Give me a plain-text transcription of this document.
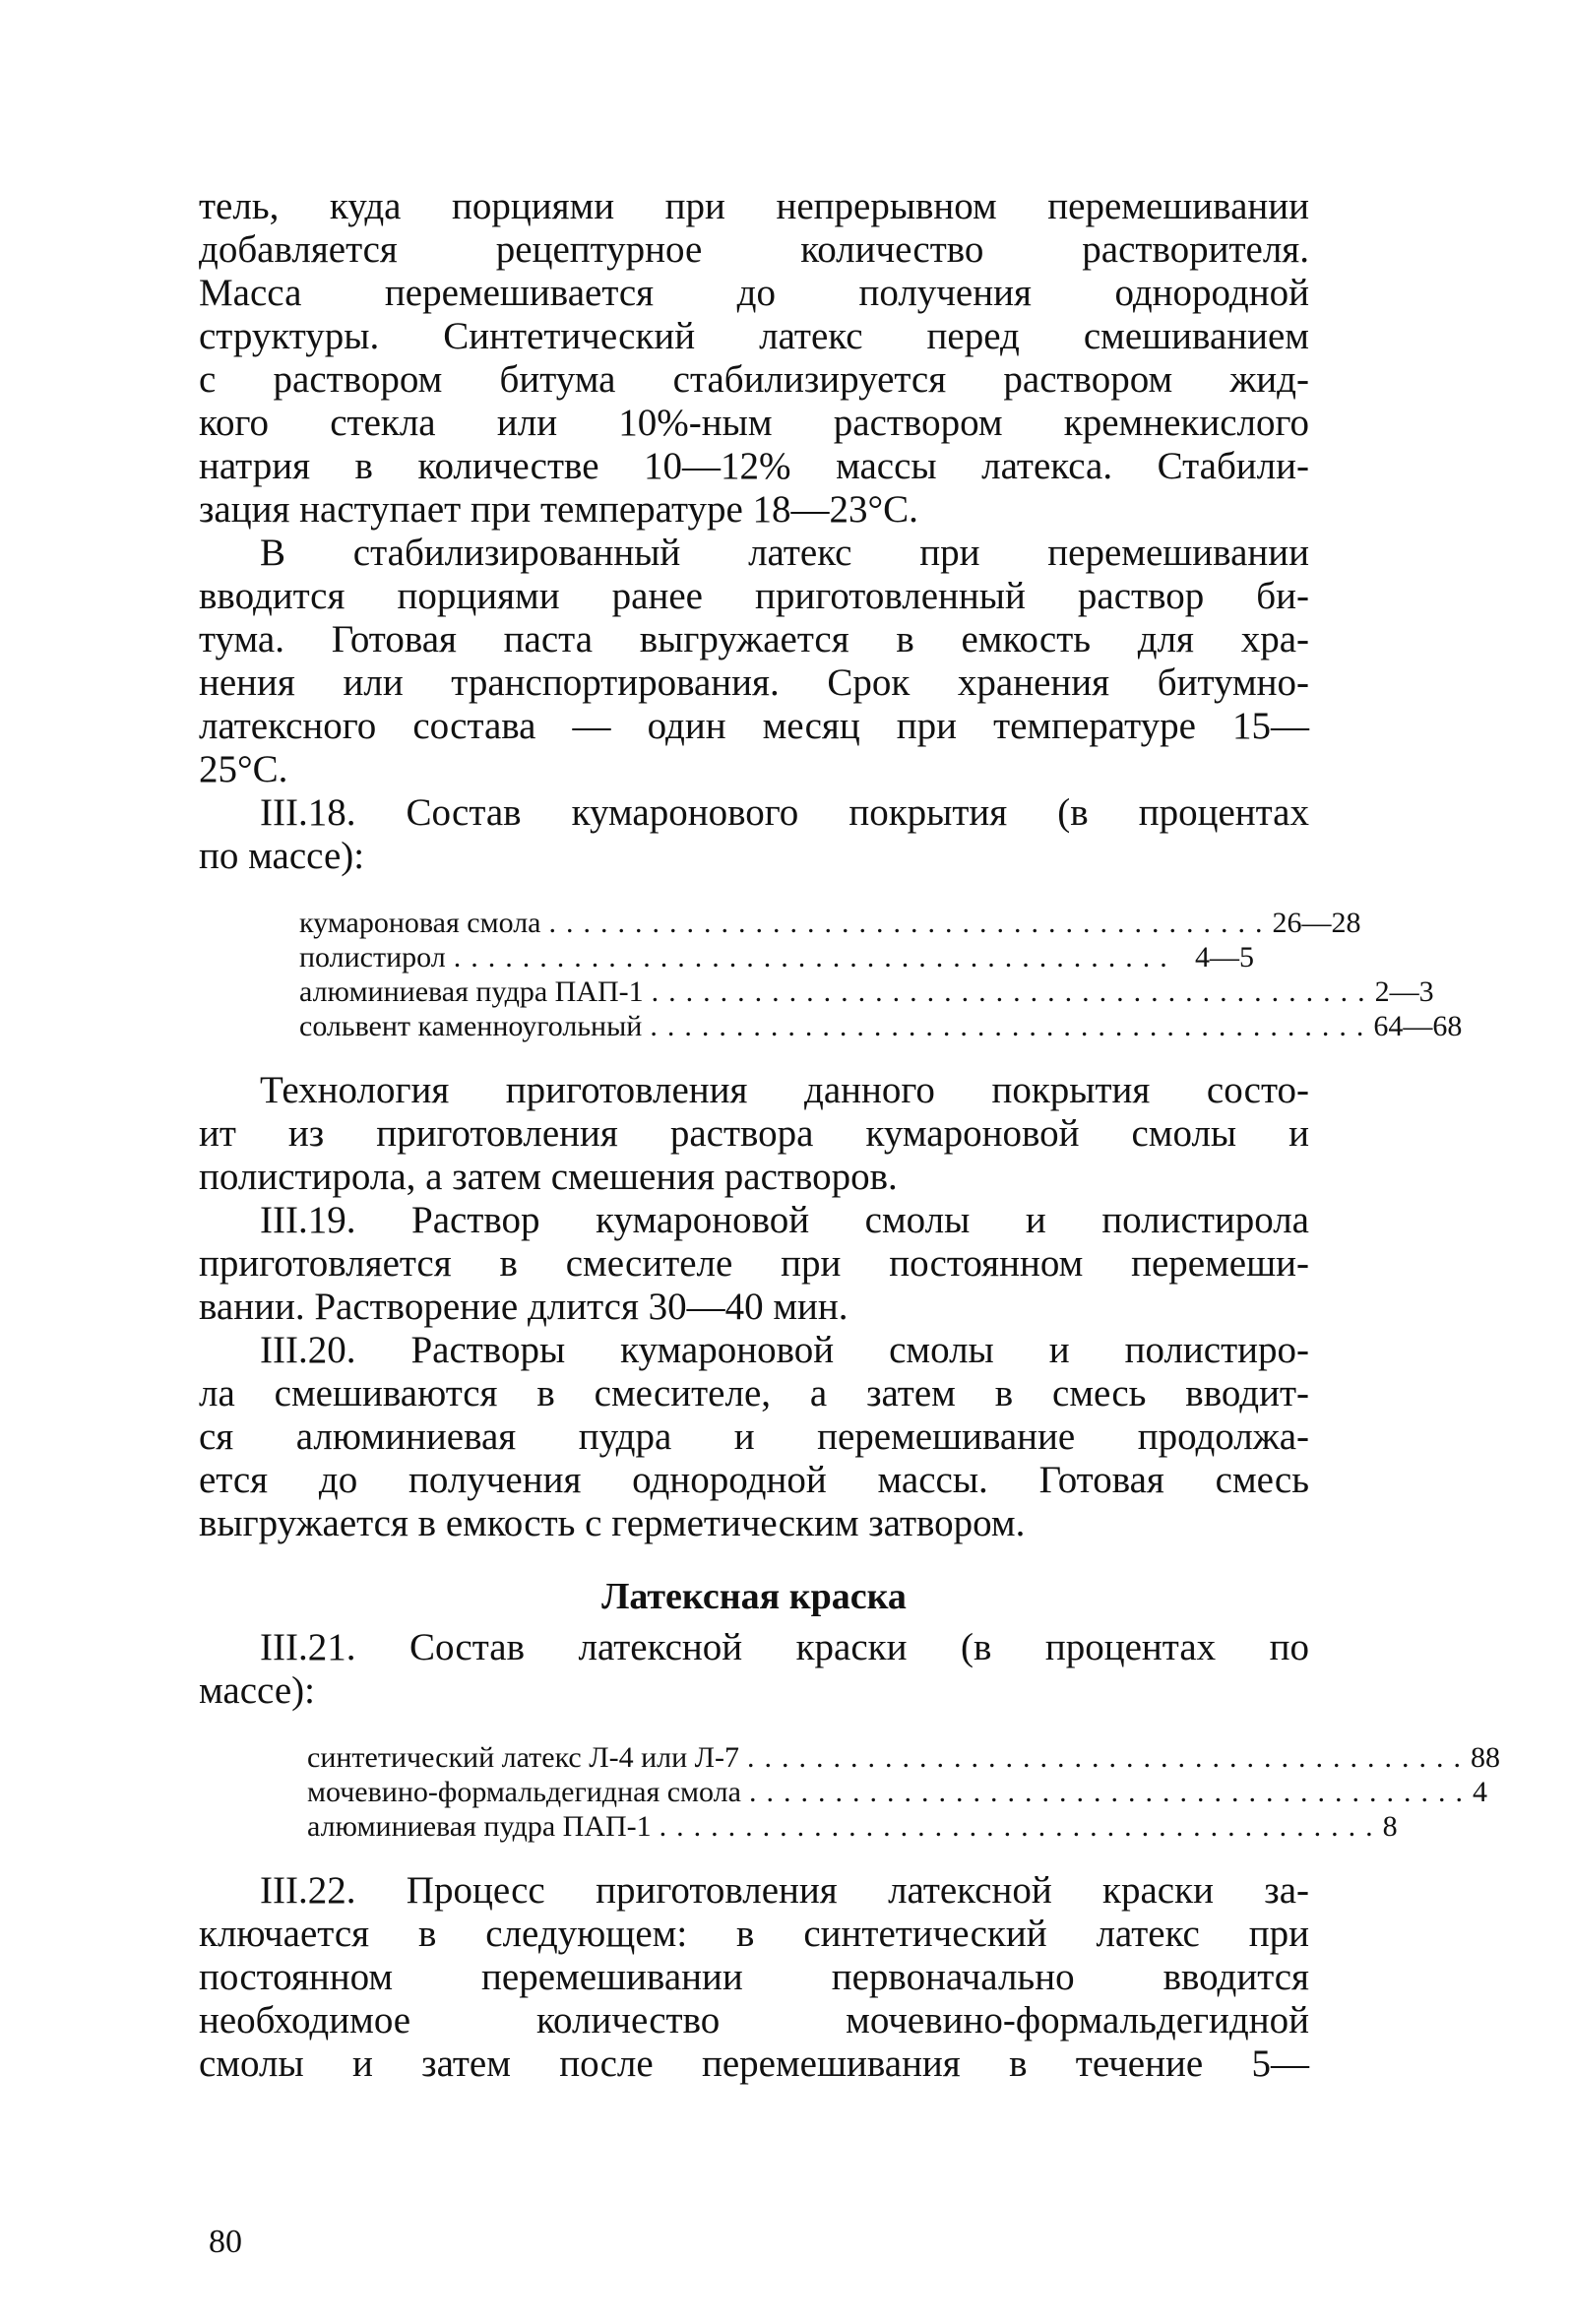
тель, куда порциями при непрерывном перемешивании
добавляется рецептурное количество растворителя.
Масса перемешивается до получения однородной
структуры. Синтетический латекс перед смешиванием
с раствором битума стабилизируется раствором жид-
кого стекла или 10%-ным раствором кремнекислого
натрия в количестве 10—12% массы латекса. Стабили-
зация наступает при температуре 18—23°С.
В стабилизированный латекс при перемешивании
вводится порциями ранее приготовленный раствор би-
тума. Готовая паста выгружается в емкость для хра-
нения или транспортирования. Срок хранения битумно-
латексного состава — один месяц при температуре 15—
25°С.
III.18. Состав кумаронового покрытия (в процентах
по массе):
кумароновая смола .......................................... 26—28
полистирол .......................................... 4—5
алюминиевая пудра ПАП-1 .......................................... 2—3
сольвент каменноугольный .......................................... 64—68
Технология приготовления данного покрытия состо-
ит из приготовления раствора кумароновой смолы и
полистирола, а затем смешения растворов.
III.19. Раствор кумароновой смолы и полистирола
приготовляется в смесителе при постоянном перемеши-
вании. Растворение длится 30—40 мин.
III.20. Растворы кумароновой смолы и полистиро-
ла смешиваются в смесителе, а затем в смесь вводит-
ся алюминиевая пудра и перемешивание продолжа-
ется до получения однородной массы. Готовая смесь
выгружается в емкость с герметическим затвором.
Латексная краска
III.21. Состав латексной краски (в процентах по
массе):
синтетический латекс Л-4 или Л-7 .......................................... 88
мочевино-формальдегидная смола .......................................... 4
алюминиевая пудра ПАП-1 .......................................... 8
III.22. Процесс приготовления латексной краски за-
ключается в следующем: в синтетический латекс при
постоянном перемешивании первоначально вводится
необходимое количество мочевино-формальдегидной
смолы и затем после перемешивания в течение 5—
80
